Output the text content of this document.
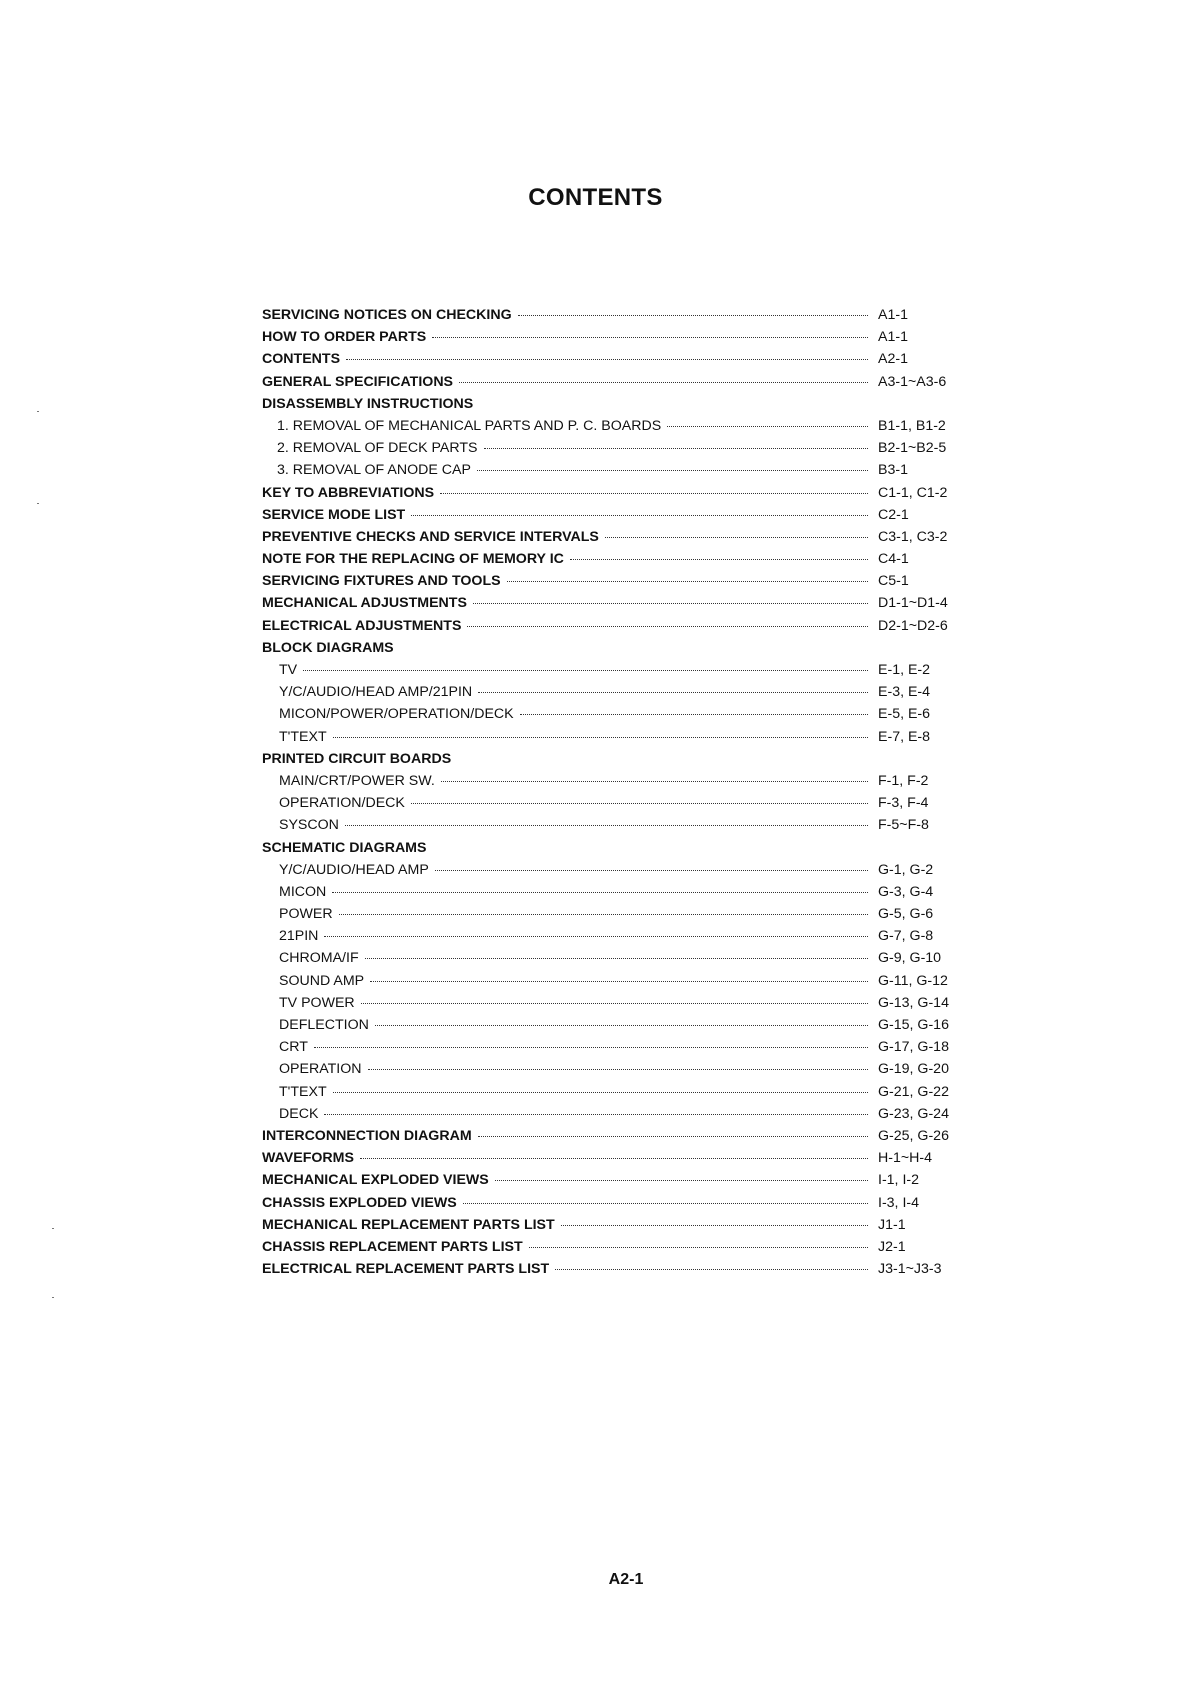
CONTENTS
SERVICING NOTICES ON CHECKING	A1-1
HOW TO ORDER PARTS	A1-1
CONTENTS	A2-1
GENERAL SPECIFICATIONS	A3-1~A3-6
DISASSEMBLY INSTRUCTIONS
1. REMOVAL OF MECHANICAL PARTS AND P. C. BOARDS	B1-1, B1-2
2. REMOVAL OF DECK PARTS	B2-1~B2-5
3. REMOVAL OF ANODE CAP	B3-1
KEY TO ABBREVIATIONS	C1-1, C1-2
SERVICE MODE LIST	C2-1
PREVENTIVE CHECKS AND SERVICE INTERVALS	C3-1, C3-2
NOTE FOR THE REPLACING OF MEMORY IC	C4-1
SERVICING FIXTURES AND TOOLS	C5-1
MECHANICAL ADJUSTMENTS	D1-1~D1-4
ELECTRICAL ADJUSTMENTS	D2-1~D2-6
BLOCK DIAGRAMS
TV	E-1, E-2
Y/C/AUDIO/HEAD AMP/21PIN	E-3, E-4
MICON/POWER/OPERATION/DECK	E-5, E-6
T'TEXT	E-7, E-8
PRINTED CIRCUIT BOARDS
MAIN/CRT/POWER SW.	F-1, F-2
OPERATION/DECK	F-3, F-4
SYSCON	F-5~F-8
SCHEMATIC DIAGRAMS
Y/C/AUDIO/HEAD AMP	G-1, G-2
MICON	G-3, G-4
POWER	G-5, G-6
21PIN	G-7, G-8
CHROMA/IF	G-9, G-10
SOUND AMP	G-11, G-12
TV POWER	G-13, G-14
DEFLECTION	G-15, G-16
CRT	G-17, G-18
OPERATION	G-19, G-20
T'TEXT	G-21, G-22
DECK	G-23, G-24
INTERCONNECTION DIAGRAM	G-25, G-26
WAVEFORMS	H-1~H-4
MECHANICAL EXPLODED VIEWS	I-1, I-2
CHASSIS EXPLODED VIEWS	I-3, I-4
MECHANICAL REPLACEMENT PARTS LIST	J1-1
CHASSIS REPLACEMENT PARTS LIST	J2-1
ELECTRICAL REPLACEMENT PARTS LIST	J3-1~J3-3
A2-1
